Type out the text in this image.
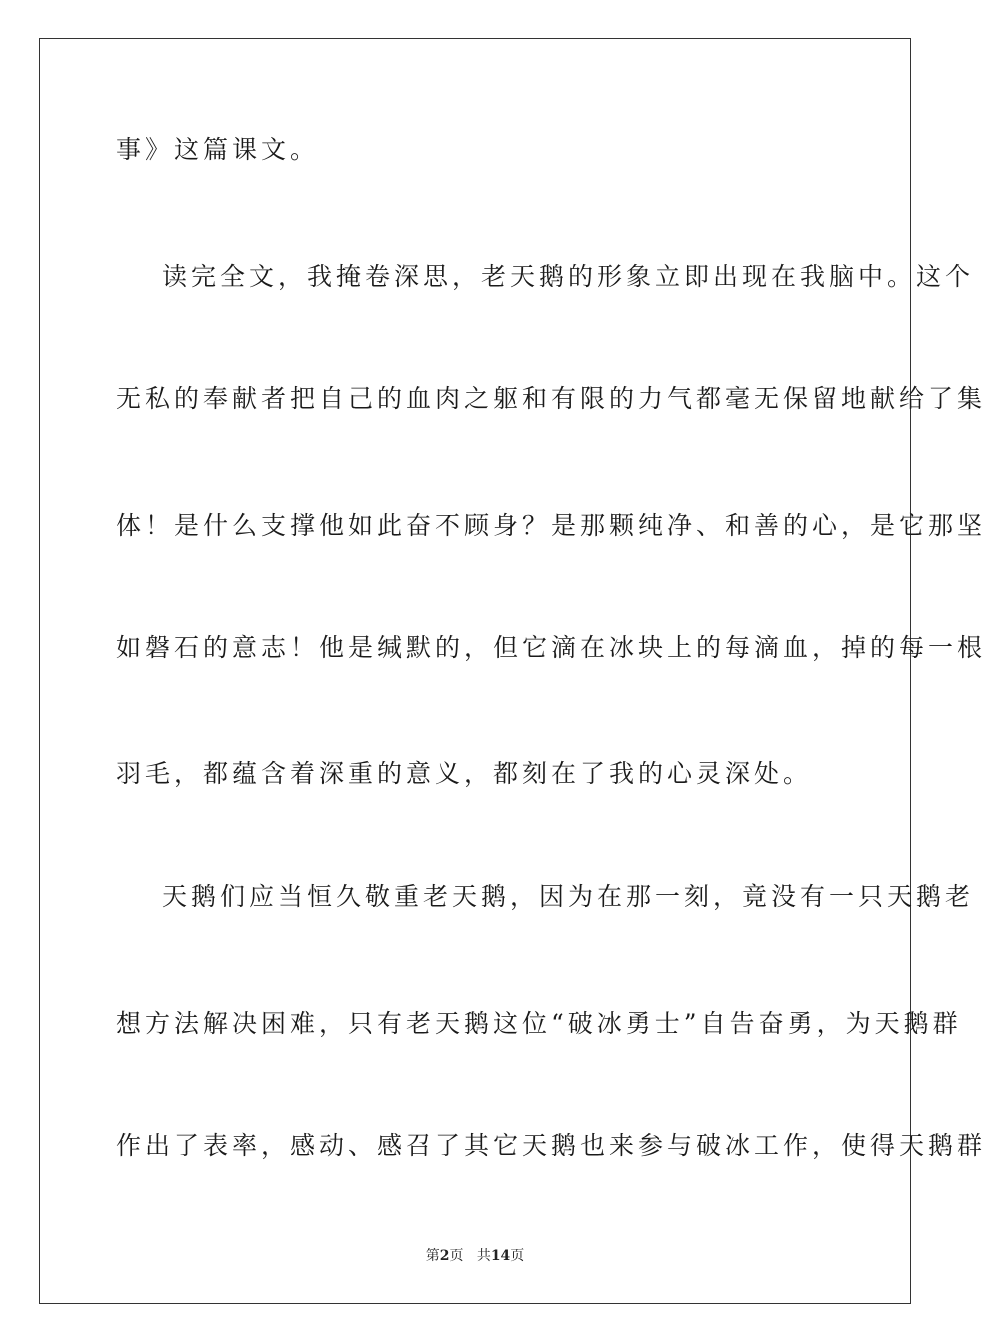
事》这篇课文。
读完全文，我掩卷深思，老天鹅的形象立即出现在我脑中。这个
无私的奉献者把自己的血肉之躯和有限的力气都毫无保留地献给了集
体！是什么支撑他如此奋不顾身？是那颗纯净、和善的心，是它那坚
如磐石的意志！他是缄默的，但它滴在冰块上的每滴血，掉的每一根
羽毛，都蕴含着深重的意义，都刻在了我的心灵深处。
天鹅们应当恒久敬重老天鹅，因为在那一刻，竟没有一只天鹅老
想方法解决困难，只有老天鹅这位“破冰勇士”自告奋勇，为天鹅群
作出了表率，感动、感召了其它天鹅也来参与破冰工作，使得天鹅群
第2页 共14页
